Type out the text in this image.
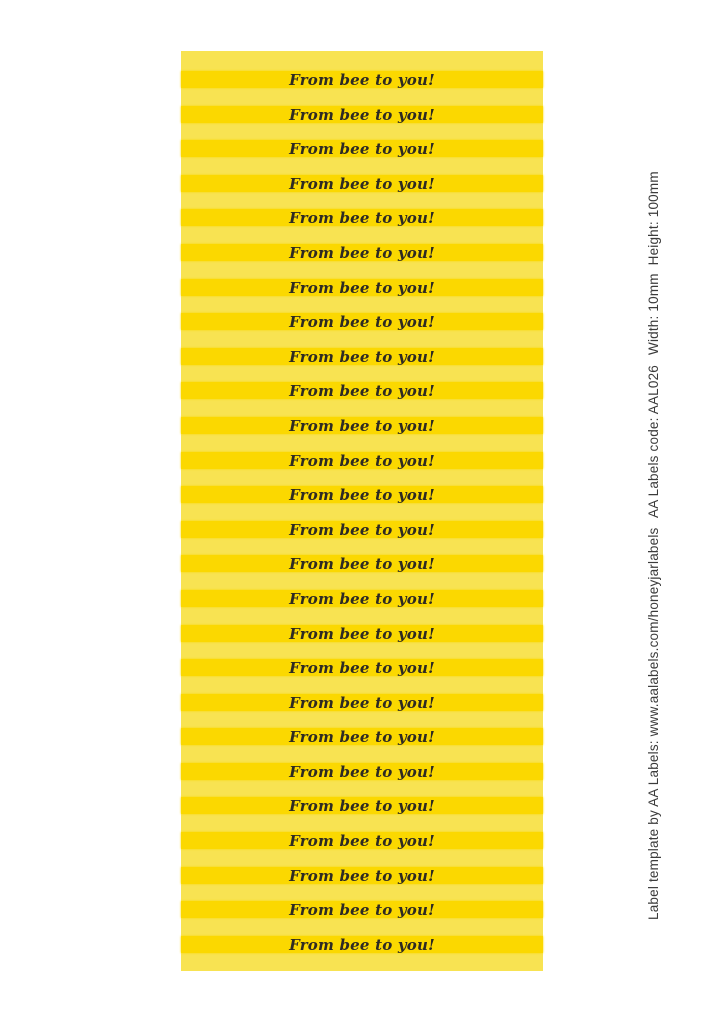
From bee to you!
From bee to you!
From bee to you!
From bee to you!
From bee to you!
From bee to you!
From bee to you!
From bee to you!
From bee to you!
From bee to you!
From bee to you!
From bee to you!
From bee to you!
From bee to you!
From bee to you!
From bee to you!
From bee to you!
From bee to you!
From bee to you!
From bee to you!
From bee to you!
From bee to you!
From bee to you!
From bee to you!
From bee to you!
From bee to you!
Width: 10mm  Height: 100mm
AA Labels code: AAL026
Label template by AA Labels: www.aalabels.com/honeyjarlabels
